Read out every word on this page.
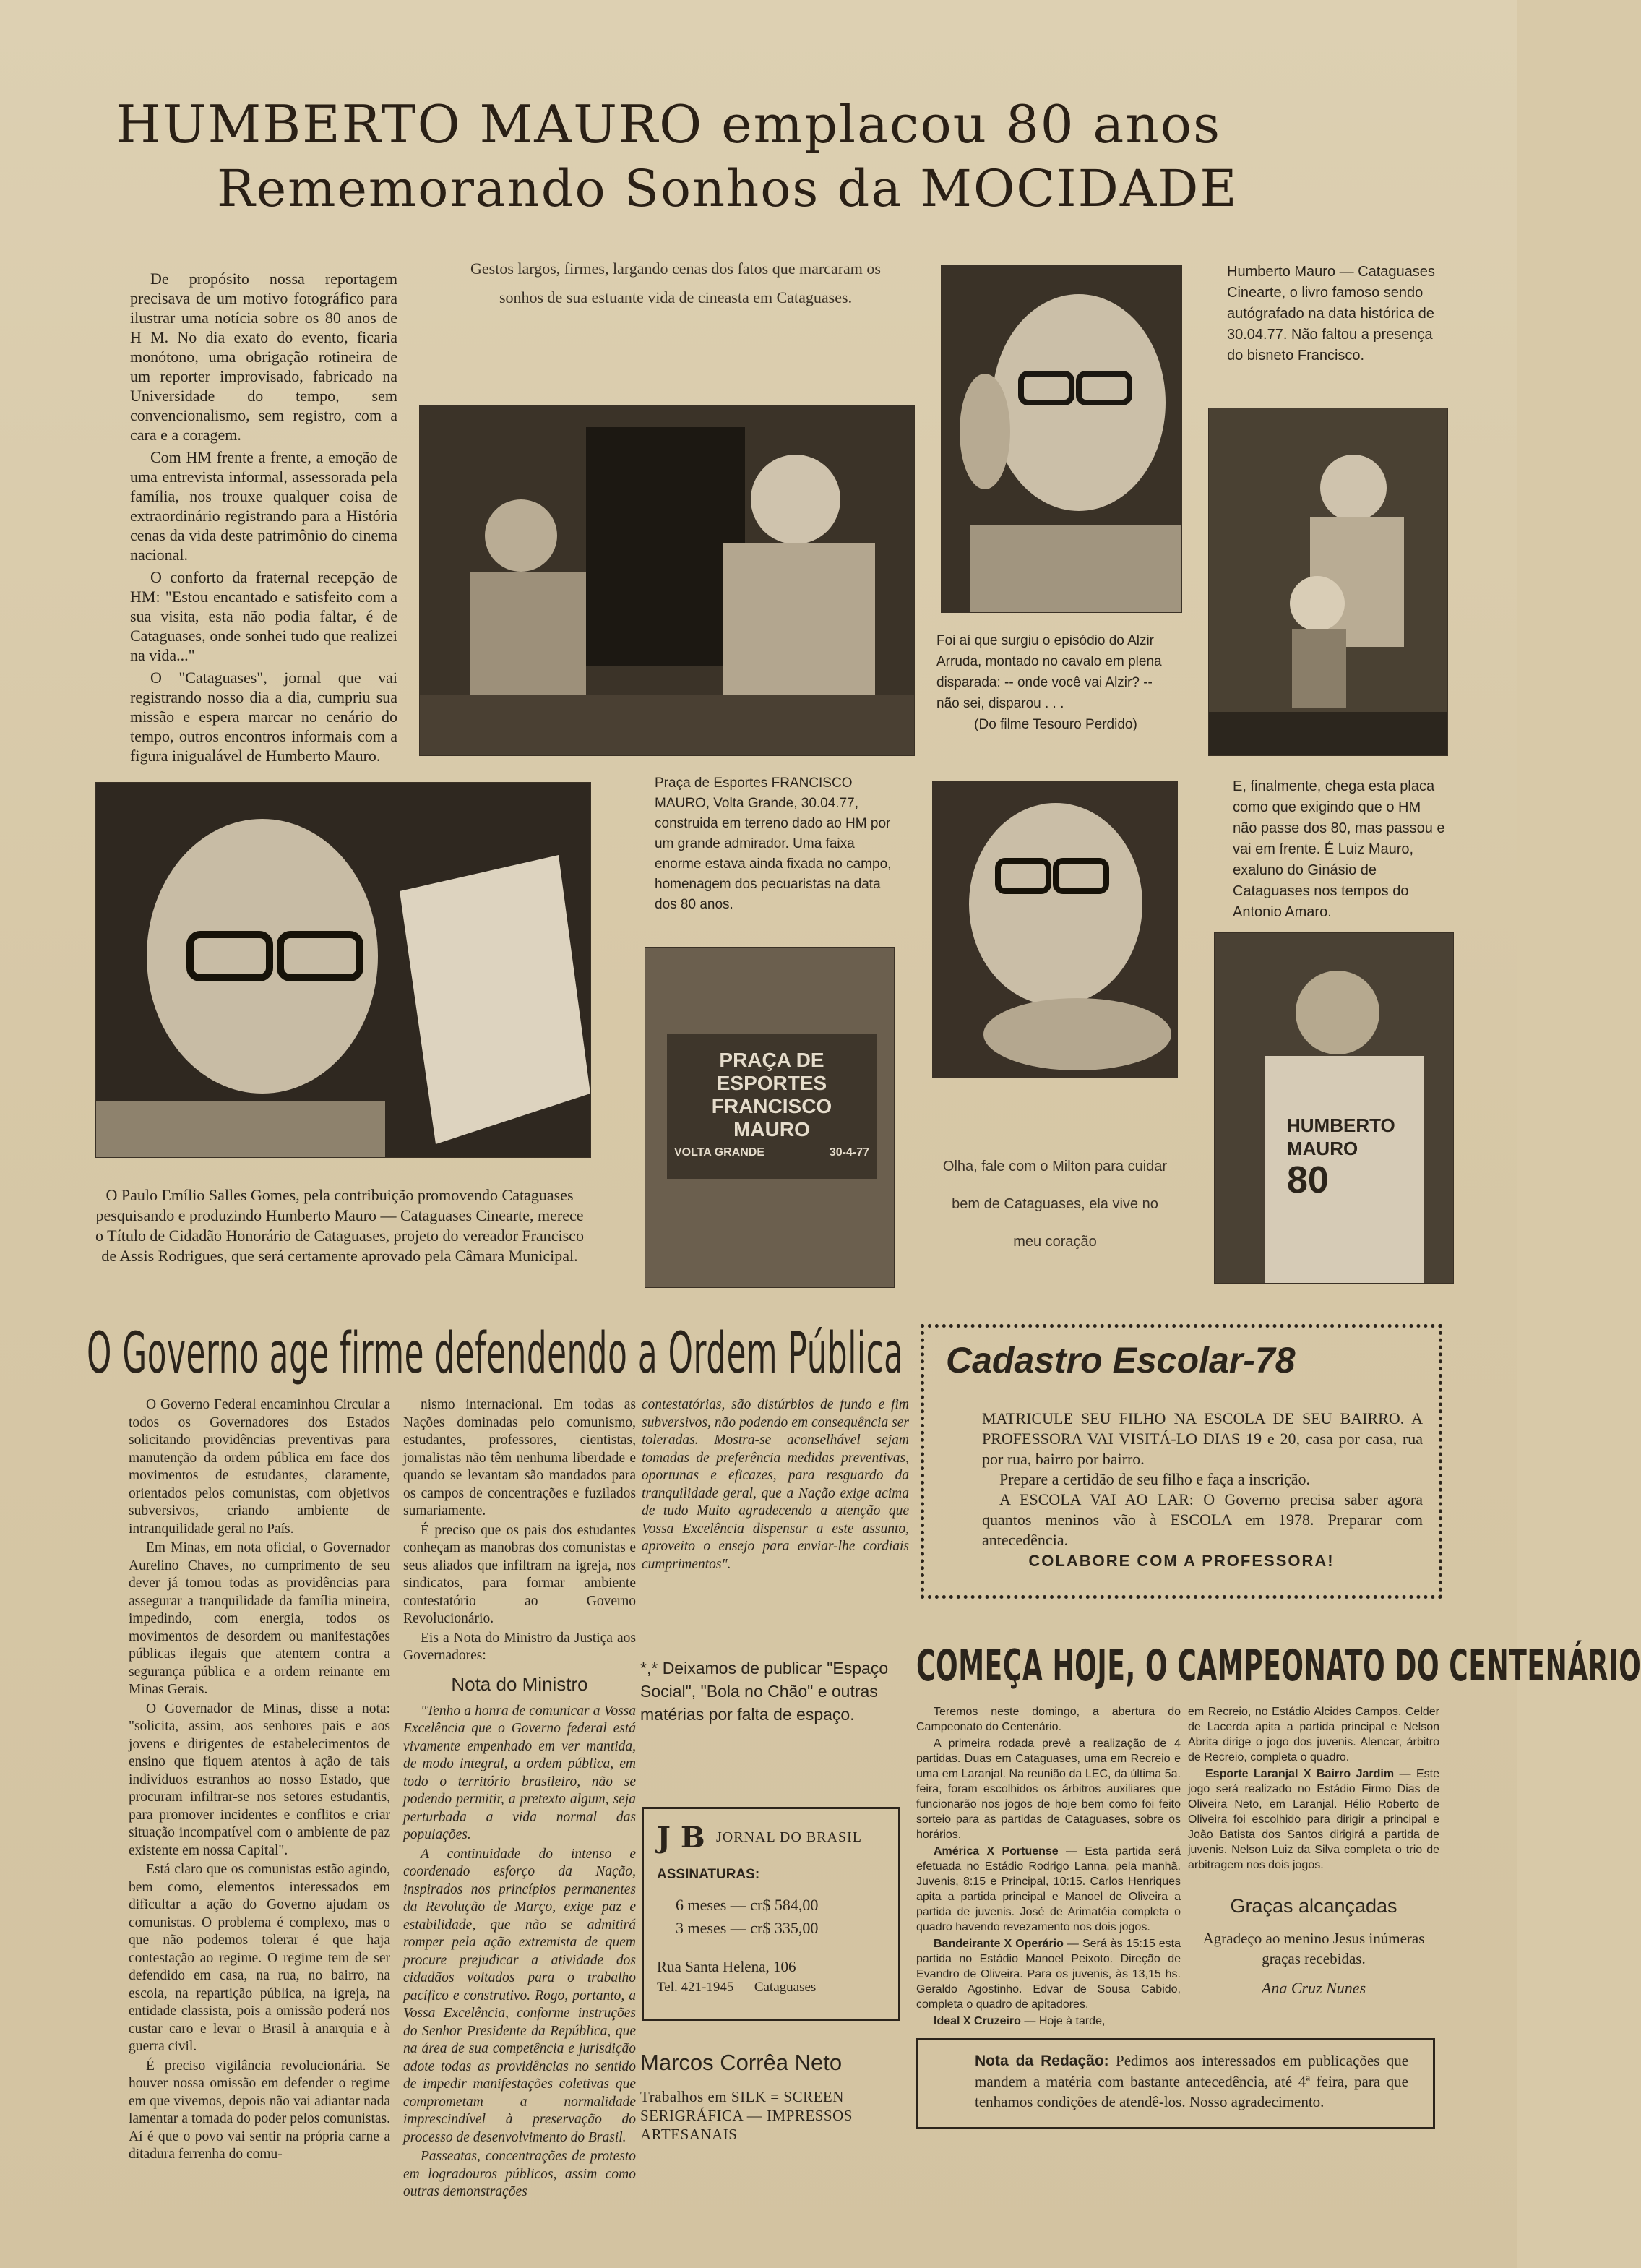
HUMBERTO MAURO emplacou 80 anos
Rememorando Sonhos da MOCIDADE

De propósito nossa reportagem precisava de um motivo fotográfico para ilustrar uma notícia sobre os 80 anos de H M. No dia exato do evento, ficaria monótono, uma obrigação rotineira de um reporter improvisado, fabricado na Universidade do tempo, sem convencionalismo, sem registro, com a cara e a coragem.

Com HM frente a frente, a emoção de uma entrevista informal, assessorada pela família, nos trouxe qualquer coisa de extraordinário registrando para a História cenas da vida deste patrimônio do cinema nacional.

O conforto da fraternal recepção de HM: "Estou encantado e satisfeito com a sua visita, esta não podia faltar, é de Cataguases, onde sonhei tudo que realizei na vida..."

O "Cataguases", jornal que vai registrando nosso dia a dia, cumpriu sua missão e espera marcar no cenário do tempo, outros encontros informais com a figura inigualável de Humberto Mauro.

Gestos largos, firmes, largando cenas dos fatos que marcaram os sonhos de sua estuante vida de cineasta em Cataguases.
Humberto Mauro — Cataguases Cinearte, o livro famoso sendo autógrafado na data histórica de 30.04.77. Não faltou a presença do bisneto Francisco.
Foi aí que surgiu o episódio do Alzir Arruda, montado no cavalo em plena disparada: -- onde você vai Alzir? -- não sei, disparou . . .
(Do filme Tesouro Perdido)
O Paulo Emílio Salles Gomes, pela contribuição promovendo Cataguases pesquisando e produzindo Humberto Mauro — Cataguases Cinearte, merece o Título de Cidadão Honorário de Cataguases, projeto do vereador Francisco de Assis Rodrigues, que será certamente aprovado pela Câmara Municipal.
Praça de Esportes FRANCISCO MAURO, Volta Grande, 30.04.77, construida em terreno dado ao HM por um grande admirador. Uma faixa enorme estava ainda fixada no campo, homenagem dos pecuaristas na data dos 80 anos.
PRAÇA DE ESPORTES
FRANCISCO MAURO
VOLTA GRANDE	30-4-77
Olha, fale com o Milton para cuidar bem de Cataguases, ela vive no meu coração
E, finalmente, chega esta placa como que exigindo que o HM não passe dos 80, mas passou e vai em frente. É Luiz Mauro, exaluno do Ginásio de Cataguases nos tempos do Antonio Amaro.
HUMBERTO
MAURO
80
O Governo age firme defendendo a Ordem Pública

O Governo Federal encaminhou Circular a todos os Governadores dos Estados solicitando providências preventivas para manutenção da ordem pública em face dos movimentos de estudantes, claramente, orientados pelos comunistas, com objetivos subversivos, criando ambiente de intranquilidade geral no País.

Em Minas, em nota oficial, o Governador Aurelino Chaves, no cumprimento de seu dever já tomou todas as providências para assegurar a tranquilidade da família mineira, impedindo, com energia, todos os movimentos de desordem ou manifestações públicas ilegais que atentem contra a segurança pública e a ordem reinante em Minas Gerais.

O Governador de Minas, disse a nota: "solicita, assim, aos senhores pais e aos jovens e dirigentes de estabelecimentos de ensino que fiquem atentos à ação de tais indivíduos estranhos ao nosso Estado, que procuram infiltrar-se nos setores estudantis, para promover incidentes e conflitos e criar situação incompatível com o ambiente de paz existente em nossa Capital".

Está claro que os comunistas estão agindo, bem como, elementos interessados em dificultar a ação do Governo ajudam os comunistas. O problema é complexo, mas o que não podemos tolerar é que haja contestação ao regime. O regime tem de ser defendido em casa, na rua, no bairro, na escola, na repartição pública, na igreja, na entidade classista, pois a omissão poderá nos custar caro e levar o Brasil à anarquia e à guerra civil.

É preciso vigilância revolucionária. Se houver nossa omissão em defender o regime em que vivemos, depois não vai adiantar nada lamentar a tomada do poder pelos comunistas. Aí é que o povo vai sentir na própria carne a ditadura ferrenha do comu-

nismo internacional. Em todas as Nações dominadas pelo comunismo, estudantes, professores, cientistas, jornalistas não têm nenhuma liberdade e quando se levantam são mandados para os campos de concentrações e fuzilados sumariamente.

É preciso que os pais dos estudantes conheçam as manobras dos comunistas e seus aliados que infiltram na igreja, nos sindicatos, para formar ambiente contestatório ao Governo Revolucionário.

Eis a Nota do Ministro da Justiça aos Governadores:

Nota do Ministro

"Tenho a honra de comunicar a Vossa Excelência que o Governo federal está vivamente empenhado em ver mantida, de modo integral, a ordem pública, em todo o território brasileiro, não se podendo permitir, a pretexto algum, seja perturbada a vida normal das populações.

A continuidade do intenso e coordenado esforço da Nação, inspirados nos princípios permanentes da Revolução de Março, exige paz e estabilidade, que não se admitirá romper pela ação extremista de quem procure prejudicar a atividade dos cidadãos voltados para o trabalho pacífico e construtivo. Rogo, portanto, a Vossa Excelência, conforme instruções do Senhor Presidente da República, que na área de sua competência e jurisdição adote todas as providências no sentido de impedir manifestações coletivas que comprometam a normalidade imprescindível à preservação do processo de desenvolvimento do Brasil.

Passeatas, concentrações de protesto em logradouros públicos, assim como outras demonstrações

contestatórias, são distúrbios de fundo e fim subversivos, não podendo em consequência ser toleradas. Mostra-se aconselhável sejam tomadas de preferência medidas preventivas, oportunas e eficazes, para resguardo da tranquilidade geral, que a Nação exige acima de tudo Muito agradecendo a atenção que Vossa Excelência dispensar a este assunto, aproveito o ensejo para enviar-lhe cordiais cumprimentos".
*,* Deixamos de publicar "Espaço Social", "Bola no Chão" e outras matérias por falta de espaço.
J B JORNAL DO BRASIL
ASSINATURAS:
6 meses — cr$ 584,00
3 meses — cr$ 335,00
Rua Santa Helena, 106
Tel. 421-1945 — Cataguases
Marcos Corrêa Neto
Trabalhos em SILK = SCREEN SERIGRÁFICA — IMPRESSOS ARTESANAIS
Cadastro Escolar-78
MATRICULE SEU FILHO NA ESCOLA DE SEU BAIRRO. A PROFESSORA VAI VISITÁ-LO DIAS 19 e 20, casa por casa, rua por rua, bairro por bairro.
Prepare a certidão de seu filho e faça a inscrição.
A ESCOLA VAI AO LAR: O Governo precisa saber agora quantos meninos vão à ESCOLA em 1978. Preparar com antecedência.
COLABORE COM A PROFESSORA!
COMEÇA HOJE, O CAMPEONATO DO CENTENÁRIO

Teremos neste domingo, a abertura do Campeonato do Centenário.

A primeira rodada prevê a realização de 4 partidas. Duas em Cataguases, uma em Recreio e uma em Laranjal. Na reunião da LEC, da última 5a. feira, foram escolhidos os árbitros auxiliares que funcionarão nos jogos de hoje bem como foi feito sorteio para as partidas de Cataguases, sobre os horários.

América X Portuense — Esta partida será efetuada no Estádio Rodrigo Lanna, pela manhã. Juvenis, 8:15 e Principal, 10:15. Carlos Henriques apita a partida principal e Manoel de Oliveira a partida de juvenis. José de Arimatéia completa o quadro havendo revezamento nos dois jogos.

Bandeirante X Operário — Será às 15:15 esta partida no Estádio Manoel Peixoto. Direção de Evandro de Oliveira. Para os juvenis, às 13,15 hs. Geraldo Agostinho. Edvar de Sousa Cabido, completa o quadro de apitadores.

Ideal X Cruzeiro — Hoje à tarde,

em Recreio, no Estádio Alcides Campos. Celder de Lacerda apita a partida principal e Nelson Abrita dirige o jogo dos juvenis. Alencar, árbitro de Recreio, completa o quadro.

Esporte Laranjal X Bairro Jardim — Este jogo será realizado no Estádio Firmo Dias de Oliveira Neto, em Laranjal. Hélio Roberto de Oliveira foi escolhido para dirigir a principal e João Batista dos Santos dirigirá a partida de juvenis. Nelson Luiz da Silva completa o trio de arbitragem nos dois jogos.

Graças alcançadas
Agradeço ao menino Jesus inúmeras graças recebidas.
Ana Cruz Nunes
Nota da Redação: Pedimos aos interessados em publicações que mandem a matéria com bastante antecedência, até 4ª feira, para que tenhamos condições de atendê-los. Nosso agradecimento.
